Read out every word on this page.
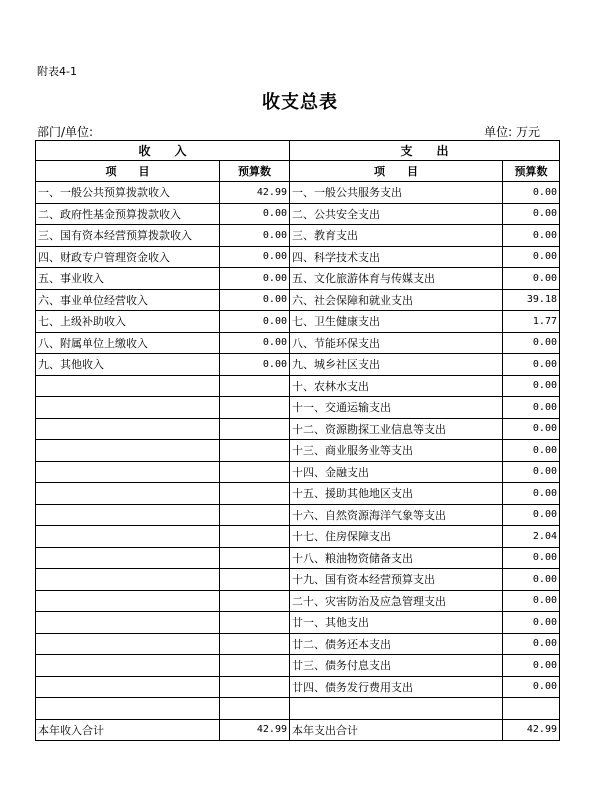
附表4-1
收支总表
部门/单位:	单位: 万元
收　　入		支　　出	
项　　目	预算数	项　　目	预算数
一、一般公共预算拨款收入	42.99	一、一般公共服务支出	0.00
二、政府性基金预算拨款收入	0.00	二、公共安全支出	0.00
三、国有资本经营预算拨款收入	0.00	三、教育支出	0.00
四、财政专户管理资金收入	0.00	四、科学技术支出	0.00
五、事业收入	0.00	五、文化旅游体育与传媒支出	0.00
六、事业单位经营收入	0.00	六、社会保障和就业支出	39.18
七、上级补助收入	0.00	七、卫生健康支出	1.77
八、附属单位上缴收入	0.00	八、节能环保支出	0.00
九、其他收入	0.00	九、城乡社区支出	0.00
		十、农林水支出	0.00
		十一、交通运输支出	0.00
		十二、资源勘探工业信息等支出	0.00
		十三、商业服务业等支出	0.00
		十四、金融支出	0.00
		十五、援助其他地区支出	0.00
		十六、自然资源海洋气象等支出	0.00
		十七、住房保障支出	2.04
		十八、粮油物资储备支出	0.00
		十九、国有资本经营预算支出	0.00
		二十、灾害防治及应急管理支出	0.00
		廿一、其他支出	0.00
		廿二、债务还本支出	0.00
		廿三、债务付息支出	0.00
		廿四、债务发行费用支出	0.00

本年收入合计	42.99	本年支出合计	42.99
